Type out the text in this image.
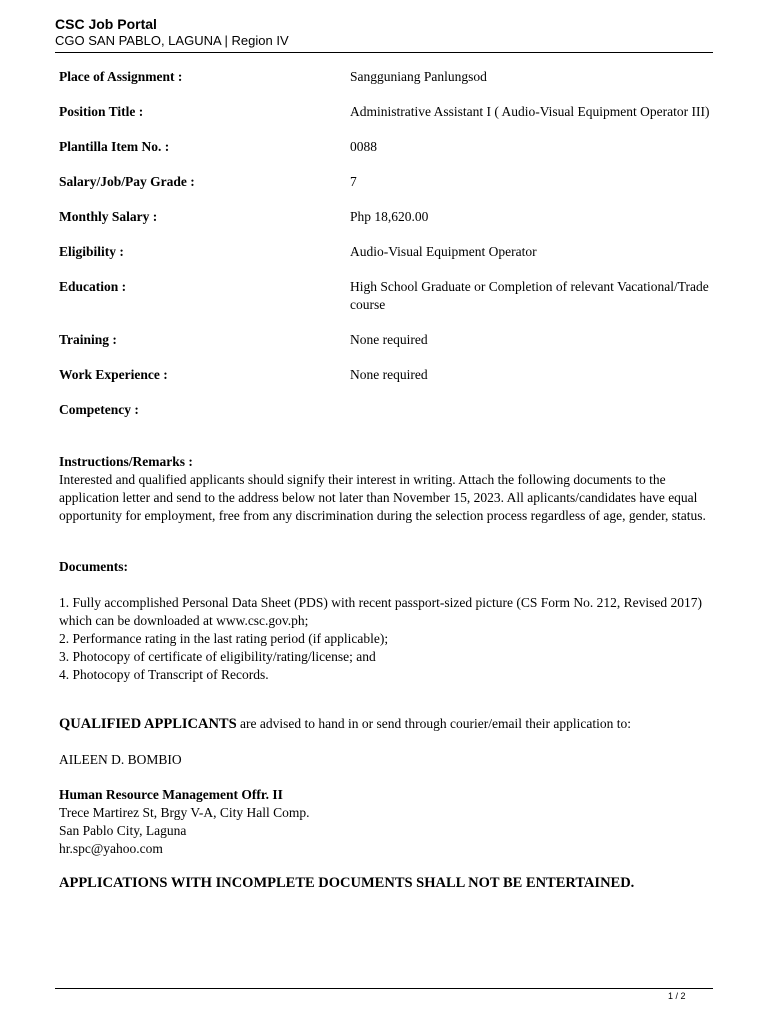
CSC Job Portal
CGO SAN PABLO, LAGUNA | Region IV
Place of Assignment :	Sangguniang Panlungsod
Position Title :	Administrative Assistant I ( Audio-Visual Equipment Operator III)
Plantilla Item No. :	0088
Salary/Job/Pay Grade :	7
Monthly Salary :	Php 18,620.00
Eligibility :	Audio-Visual Equipment Operator
Education :	High School Graduate or Completion of relevant Vacational/Trade course
Training :	None required
Work Experience :	None required
Competency :
Instructions/Remarks :

Interested and qualified applicants should signify their interest in writing. Attach the following documents to the application letter and send to the address below not later than November 15, 2023. All aplicants/candidates have equal opportunity for employment, free from any discrimination during the selection process regardless of age, gender, status.

Documents:
1. Fully accomplished Personal Data Sheet (PDS) with recent passport-sized picture (CS Form No. 212, Revised 2017) which can be downloaded at www.csc.gov.ph;
2. Performance rating in the last rating period (if applicable);
3. Photocopy of certificate of eligibility/rating/license; and
4. Photocopy of Transcript of Records.
QUALIFIED APPLICANTS are advised to hand in or send through courier/email their application to:
AILEEN D. BOMBIO
Human Resource Management Offr. II
Trece Martirez St, Brgy V-A, City Hall Comp.
San Pablo City, Laguna
hr.spc@yahoo.com
APPLICATIONS WITH INCOMPLETE DOCUMENTS SHALL NOT BE ENTERTAINED.
1 / 2
